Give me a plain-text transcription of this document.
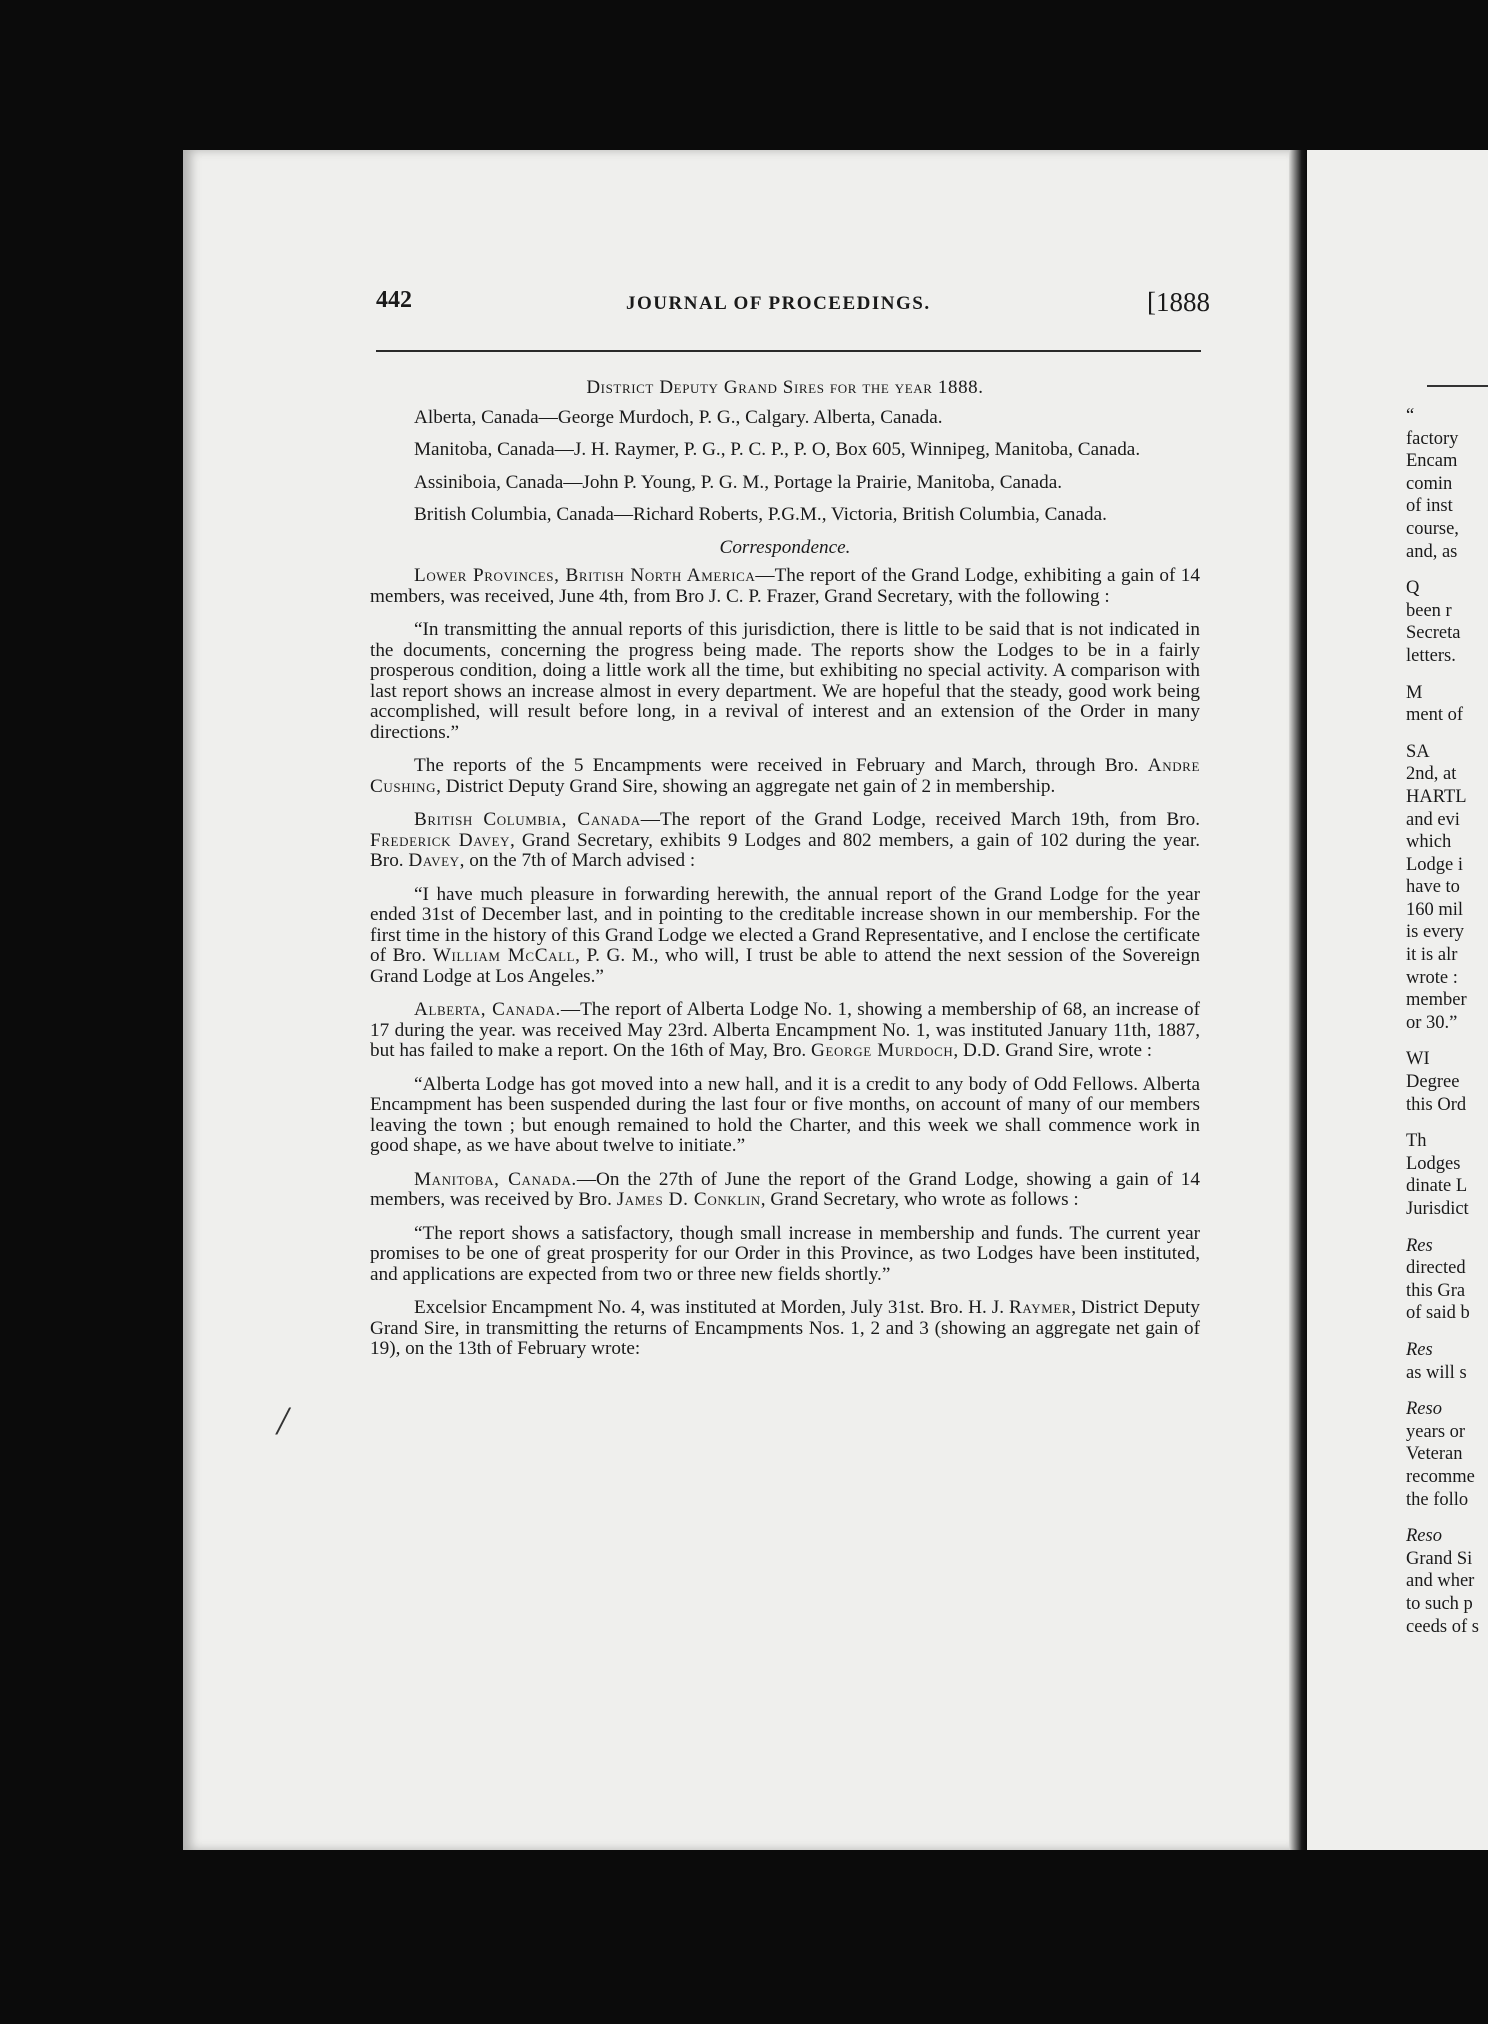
442	JOURNAL OF PROCEEDINGS.	[1888

District Deputy Grand Sires for the year 1888.

Alberta, Canada—George Murdoch, P. G., Calgary. Alberta, Canada.

Manitoba, Canada—J. H. Raymer, P. G., P. C. P., P. O, Box 605, Winnipeg, Manitoba, Canada.

Assiniboia, Canada—John P. Young, P. G. M., Portage la Prairie, Manitoba, Canada.

British Columbia, Canada—Richard Roberts, P.G.M., Victoria, British Columbia, Canada.

Correspondence.

Lower Provinces, British North America—The report of the Grand Lodge, exhibiting a gain of 14 members, was received, June 4th, from Bro J. C. P. Frazer, Grand Secretary, with the following :

“In transmitting the annual reports of this jurisdiction, there is little to be said that is not indicated in the documents, concerning the progress being made. The reports show the Lodges to be in a fairly prosperous condition, doing a little work all the time, but exhibiting no special activity. A comparison with last report shows an increase almost in every department. We are hopeful that the steady, good work being accomplished, will result before long, in a revival of interest and an extension of the Order in many directions.”

The reports of the 5 Encampments were received in February and March, through Bro. Andre Cushing, District Deputy Grand Sire, showing an aggregate net gain of 2 in membership.

British Columbia, Canada—The report of the Grand Lodge, received March 19th, from Bro. Frederick Davey, Grand Secretary, exhibits 9 Lodges and 802 members, a gain of 102 during the year. Bro. Davey, on the 7th of March advised :

“I have much pleasure in forwarding herewith, the annual report of the Grand Lodge for the year ended 31st of December last, and in pointing to the creditable increase shown in our membership. For the first time in the history of this Grand Lodge we elected a Grand Representative, and I enclose the certificate of Bro. William McCall, P. G. M., who will, I trust be able to attend the next session of the Sovereign Grand Lodge at Los Angeles.”

Alberta, Canada.—The report of Alberta Lodge No. 1, showing a membership of 68, an increase of 17 during the year. was received May 23rd. Alberta Encampment No. 1, was instituted January 11th, 1887, but has failed to make a report. On the 16th of May, Bro. George Murdoch, D.D. Grand Sire, wrote :

“Alberta Lodge has got moved into a new hall, and it is a credit to any body of Odd Fellows. Alberta Encampment has been suspended during the last four or five months, on account of many of our members leaving the town ; but enough remained to hold the Charter, and this week we shall commence work in good shape, as we have about twelve to initiate.”

Manitoba, Canada.—On the 27th of June the report of the Grand Lodge, showing a gain of 14 members, was received by Bro. James D. Conklin, Grand Secretary, who wrote as follows :

“The report shows a satisfactory, though small increase in membership and funds. The current year promises to be one of great prosperity for our Order in this Province, as two Lodges have been instituted, and applications are expected from two or three new fields shortly.”

Excelsior Encampment No. 4, was instituted at Morden, July 31st. Bro. H. J. Raymer, District Deputy Grand Sire, in transmitting the returns of Encampments Nos. 1, 2 and 3 (showing an aggregate net gain of 19), on the 13th of February wrote:

/
“
factory
Encam
comin
of inst
course,
and, as
Q
been r
Secreta
letters.
M
ment of
SA
2nd, at
HARTL
and evi
which
Lodge i
have to
160 mil
is every
it is alr
wrote :
member
or 30.”
WI
Degree
this Ord
Th
Lodges
dinate L
Jurisdict
Res
directed
this Gra
of said b
Res
as will s
Reso
years or
Veteran
recomme
the follo
Reso
Grand Si
and wher
to such p
ceeds of s
